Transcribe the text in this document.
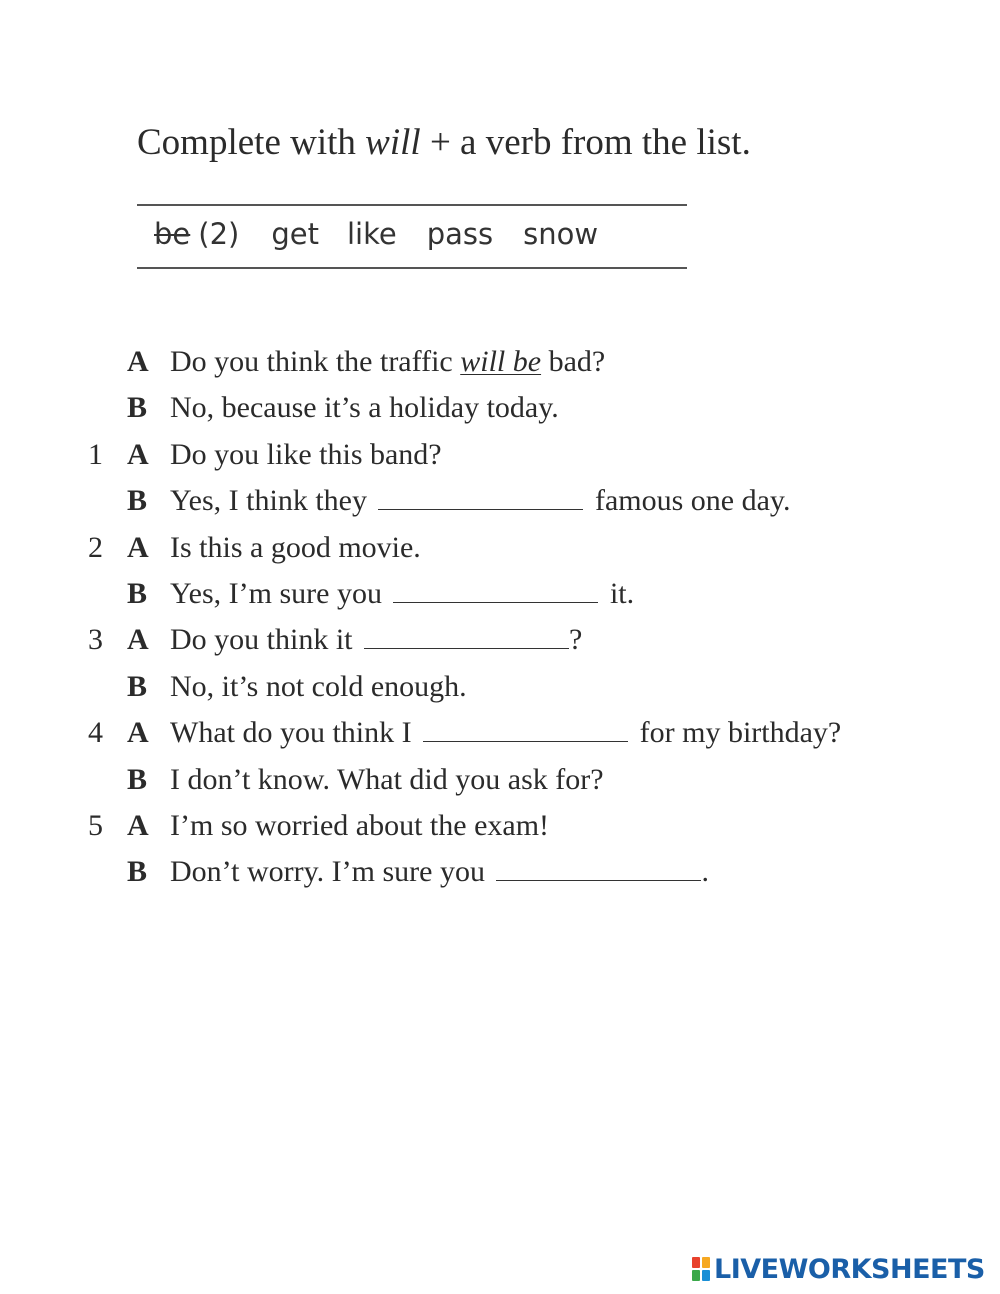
Complete with will + a verb from the list.
be (2) get like pass snow
A Do you think the traffic will be bad?
B No, because it’s a holiday today.
1 A Do you like this band?
B Yes, I think they	famous one day.
2 A Is this a good movie.
B Yes, I’m sure you	it.
3 A Do you think it	?
B No, it’s not cold enough.
4 A What do you think I	for my birthday?
B I don’t know. What did you ask for?
5 A I’m so worried about the exam!
B Don’t worry. I’m sure you	.
LIVEWORKSHEETS
